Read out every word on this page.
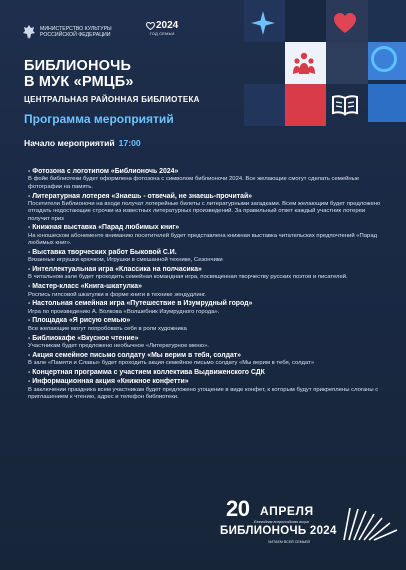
МИНИСТЕРСТВО КУЛЬТУРЫ
РОССИЙСКОЙ ФЕДЕРАЦИИ
2024
ГОД СЕМЬИ
БИБЛИОНОЧЬ
В МУК «РМЦБ»
ЦЕНТРАЛЬНАЯ РАЙОННАЯ БИБЛИОТЕКА
Программа мероприятий
Начало мероприятий 17:00
- Фотозона с логотипом «Библионочь 2024»
В фойе библиотеки будет оформлена фотозона с символом библионочи 2024. Все желающие смогут сделать семейные фотографии на память.
- Литературная лотерея «Знаешь - отвечай, не знаешь-прочитай»
Посетители Библионочи на входе получат лотерейные билеты с литературными загадками. Всем желающим будет предложено отгадать недостающие строчки из известных литературных произведений. За правильный ответ каждый участник лотереи получит приз
- Книжная выставка «Парад любимых книг»
На юношеском абонементе вниманию посетителей будет представлена книжная выставка читательских предпочтений «Парад любимых книг».
- Выставка творческих работ Быковой С.И.
Вязанные игрушки крючком, Игрушки в смешанной технике, Сезончики
- Интеллектуальная игра «Классика на полчасика»
В читальном зале будет проходить семейная командная игра, посвященная творчеству русских поэтов и писателей.
- Мастер-класс «Книга-шкатулка»
Роспись гипсовой шкатулки в форме книги в технике зендудлинг.
- Настольная семейная игра «Путешествие в Изумрудный город»
Игра по произведению А. Волкова «Волшебник Изумрудного города».
- Площадка «Я рисую семью»
Все желающие могут попробовать себя в роли художника
- Библиокафе «Вкусное чтение»
Участникам будет предложено необычное «Литературное меню».
- Акция семейное письмо солдату «Мы верим в тебя, солдат»
В зале «Памяти и Славы» будет проходить акция семейное письмо солдату «Мы верим в тебя, солдат»
- Концертная программа с участием коллектива Выдвиженского СДК
- Информационная акция «Книжное конфетти»
В заключении праздника всем участникам будет предложено угощение в виде конфет, к которым будут прикреплены слоганы с приглашением к чтению, адрес и телефон библиотеки.
20 АПРЕЛЯ
Ежегодная всероссийская акция
БИБЛИОНОЧЬ 2024
ЧИТАЕМ ВСЕЙ СЕМЬЕЙ
